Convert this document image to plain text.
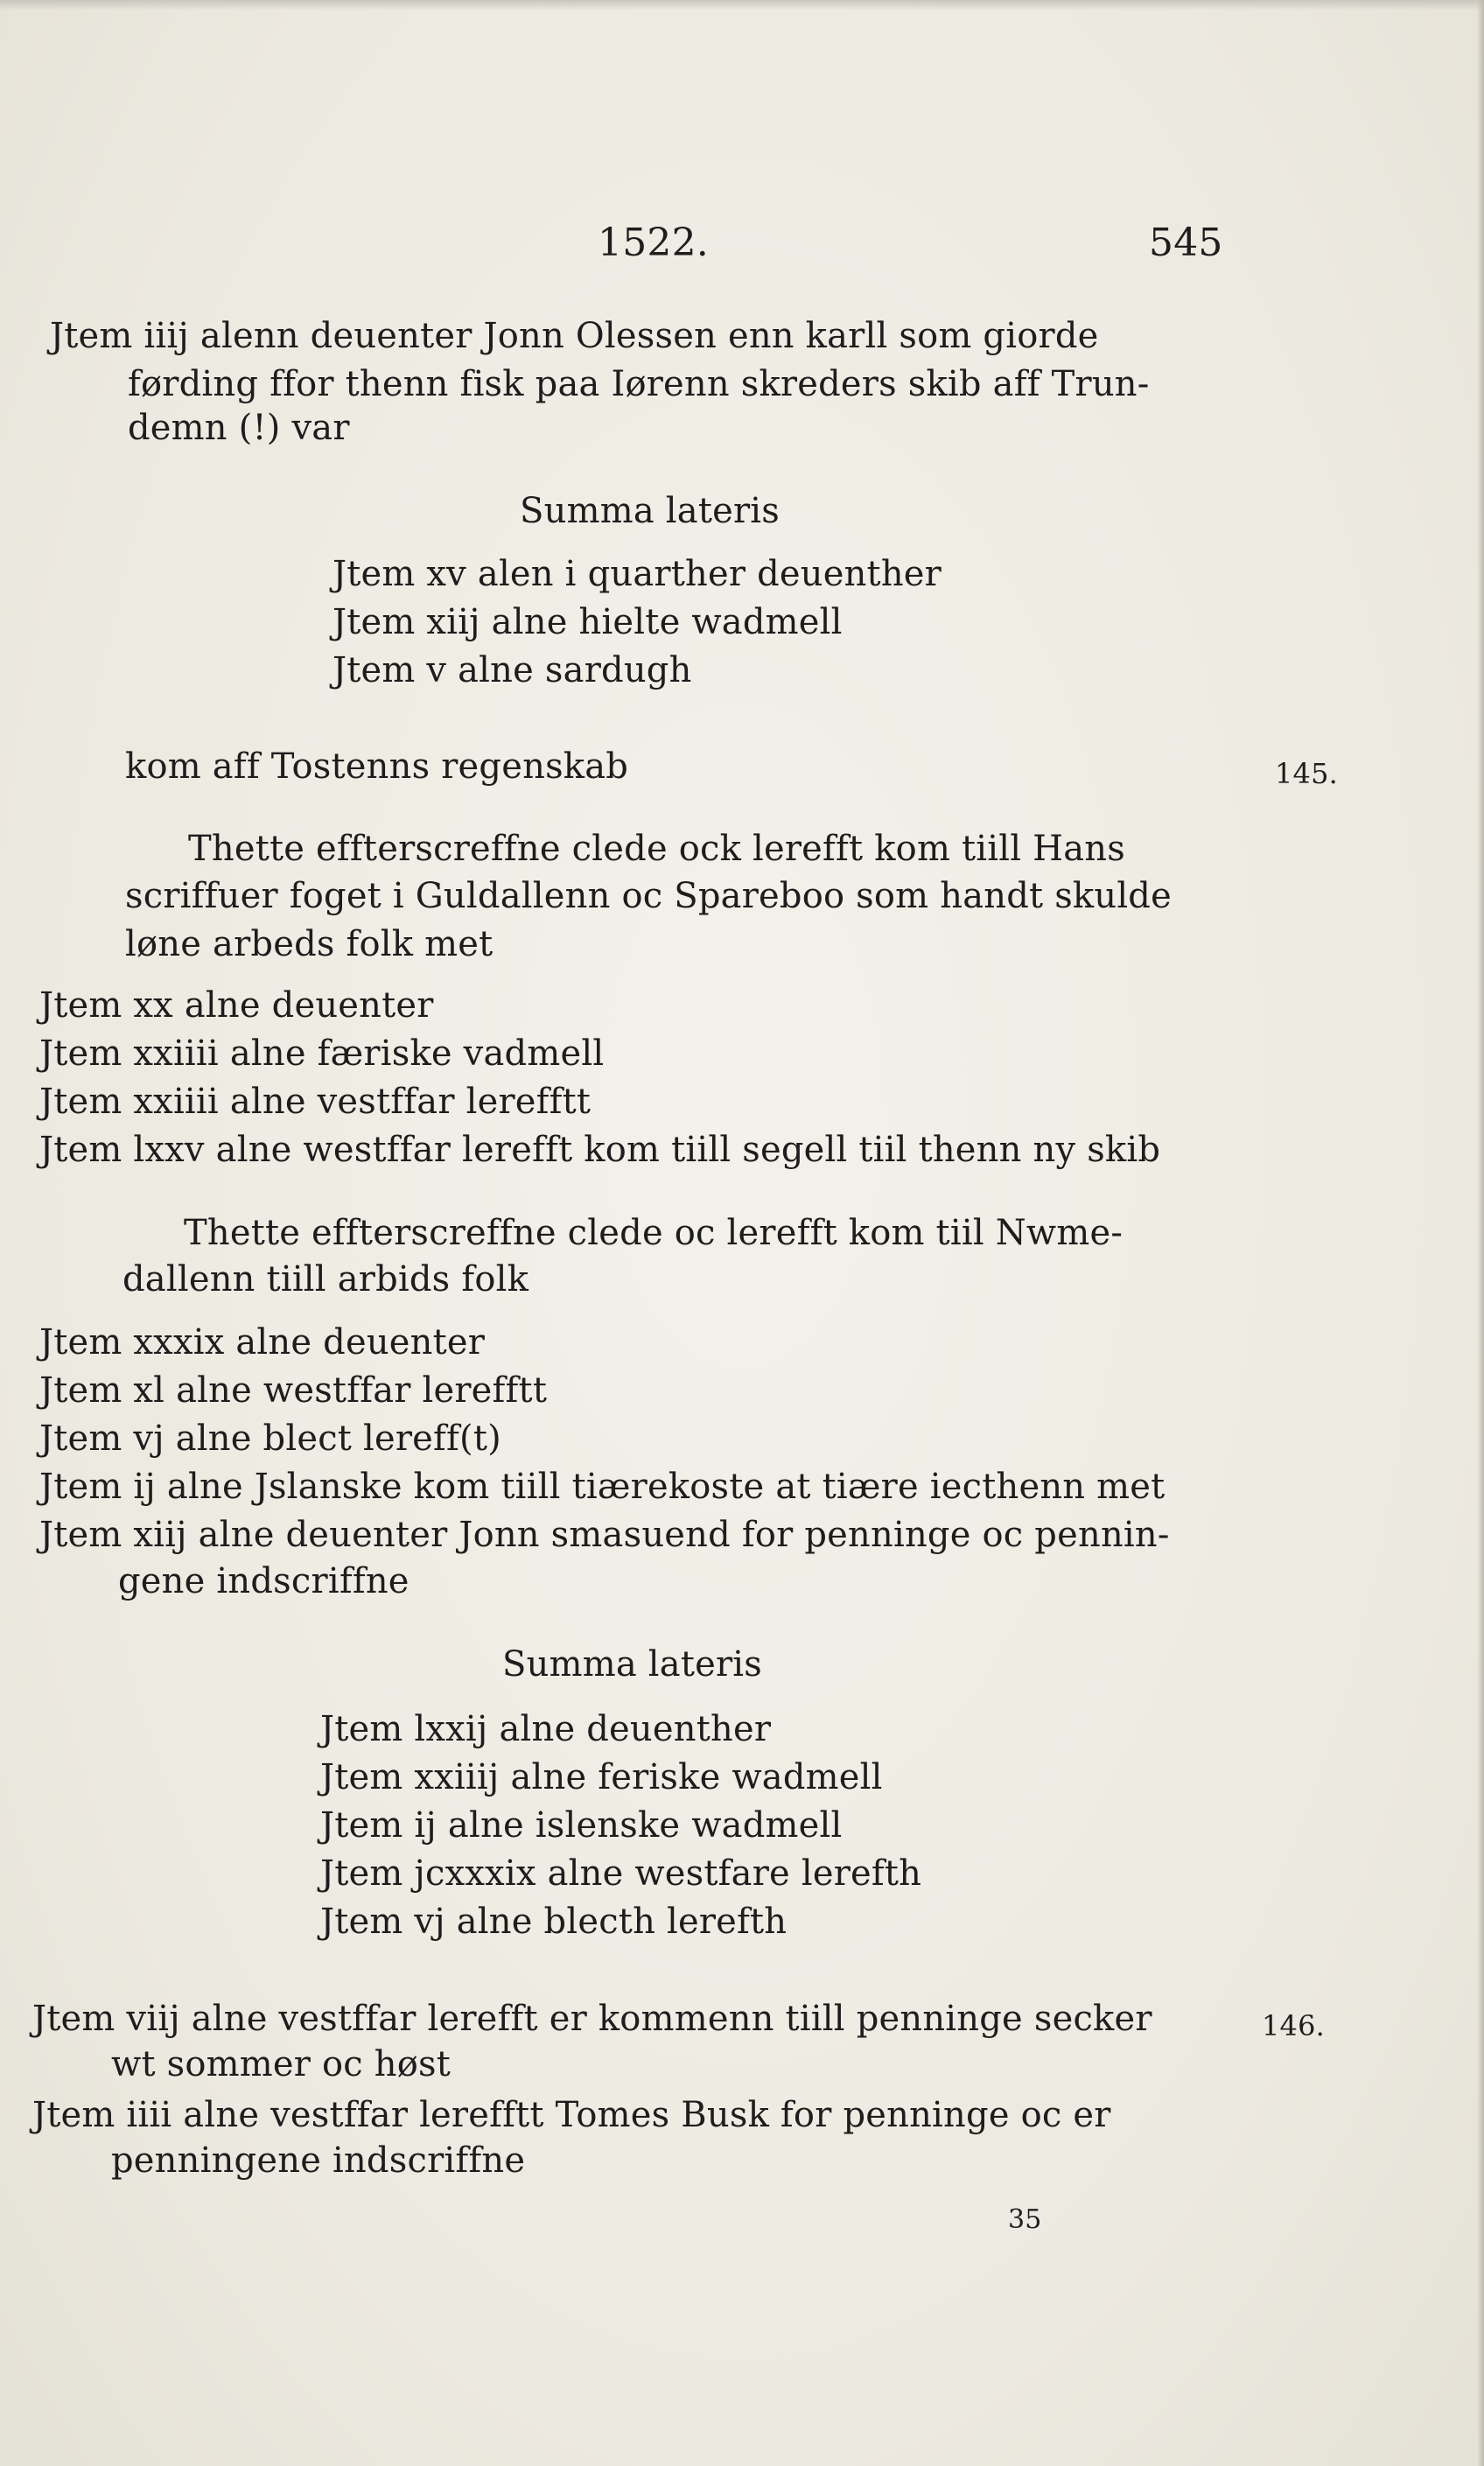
1522.	545
Jtem iiij alenn deuenter Jonn Olessen enn karll som giorde
førding ffor thenn fisk paa Ιørenn skreders skib aff Trun-
demn (!) var
Summa lateris
Jtem xv alen i quarther deuenther
Jtem xiij alne hielte wadmell
Jtem v alne sardugh
kom aff Tostenns regenskab	145.
Thette effterscreffne clede ock lerefft kom tiill Hans
scriffuer foget i Guldallenn oc Spareboo som handt skulde
løne arbeds folk met
Jtem xx alne deuenter
Jtem xxiiii alne færiske vadmell
Jtem xxiiii alne vestffar lerefftt
Jtem lxxv alne westffar lerefft kom tiill segell tiil thenn ny skib
Thette effterscreffne clede oc lerefft kom tiil Nwme-
dallenn tiill arbids folk
Jtem xxxix alne deuenter
Jtem xl alne westffar lerefftt
Jtem vj alne blect lereff(t)
Jtem ij alne Jslanske kom tiill tiærekoste at tiære iecthenn met
Jtem xiij alne deuenter Jonn smasuend for penninge oc pennin-
gene indscriffne
Summa lateris
Jtem lxxij alne deuenther
Jtem xxiiij alne feriske wadmell
Jtem ij alne islenske wadmell
Jtem jcxxxix alne westfare lerefth
Jtem vj alne blecth lerefth
Jtem viij alne vestffar lerefft er kommenn tiill penninge secker	146.
wt sommer oc høst
Jtem iiii alne vestffar lerefftt Tomes Busk for penninge oc er
penningene indscriffne
35
